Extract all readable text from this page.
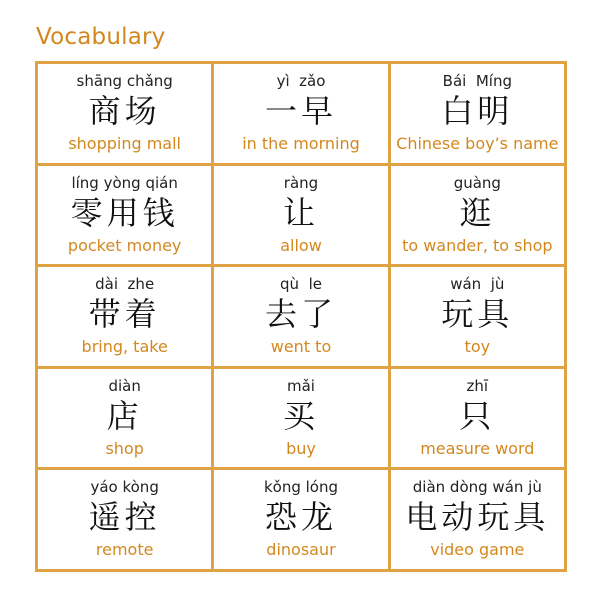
Vocabulary
shāng chǎng
商场
shopping mall
yì  zǎo
一早
in the morning
Bái  Míng
白明
Chinese boy’s name
líng yòng qián
零用钱
pocket money
ràng
让
allow
guàng
逛
to wander, to shop
dài  zhe
带着
bring, take
qù  le
去了
went to
wán  jù
玩具
toy
diàn
店
shop
mǎi
买
buy
zhī
只
measure word
yáo kòng
遥控
remote
kǒng lóng
恐龙
dinosaur
diàn dòng wán jù
电动玩具
video game
